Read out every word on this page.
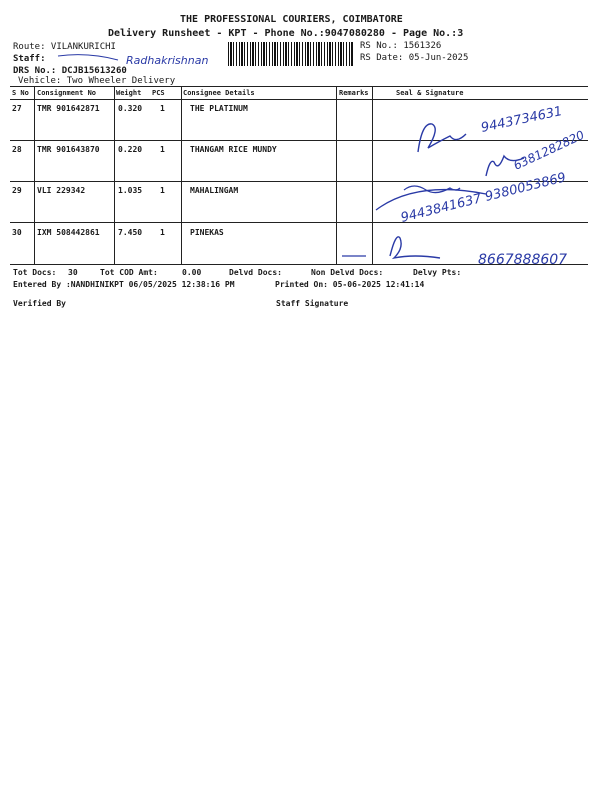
THE PROFESSIONAL COURIERS, COIMBATORE
Delivery Runsheet - KPT - Phone No.:9047080280 - Page No.:3
Route: VILANKURICHI
Staff:
DRS No.: DCJB15613260
Vehicle: Two Wheeler Delivery
RS No.: 1561326
RS Date: 05-Jun-2025
S No Consignment No	Weight PCS	Consignee Details	Remarks	Seal & Signature
27 TMR 901642871 0.320 1	THE PLATINUM
28 TMR 901643870 0.220 1	THANGAM RICE MUNDY
29 VLI 229342	1.035 1	MAHALINGAM
30 IXM 508442861 7.450 1	PINEKAS
Radhakrishnan
9443734631
6381282820
9443841637 9380053869
8667888607
Tot Docs: 30	Tot COD Amt:	0.00	Delvd Docs:	Non Delvd Docs:	Delvy Pts:
Entered By :NANDHINIKPT 06/05/2025 12:38:16 PM	Printed On: 05-06-2025 12:41:14
Verified By	Staff Signature
